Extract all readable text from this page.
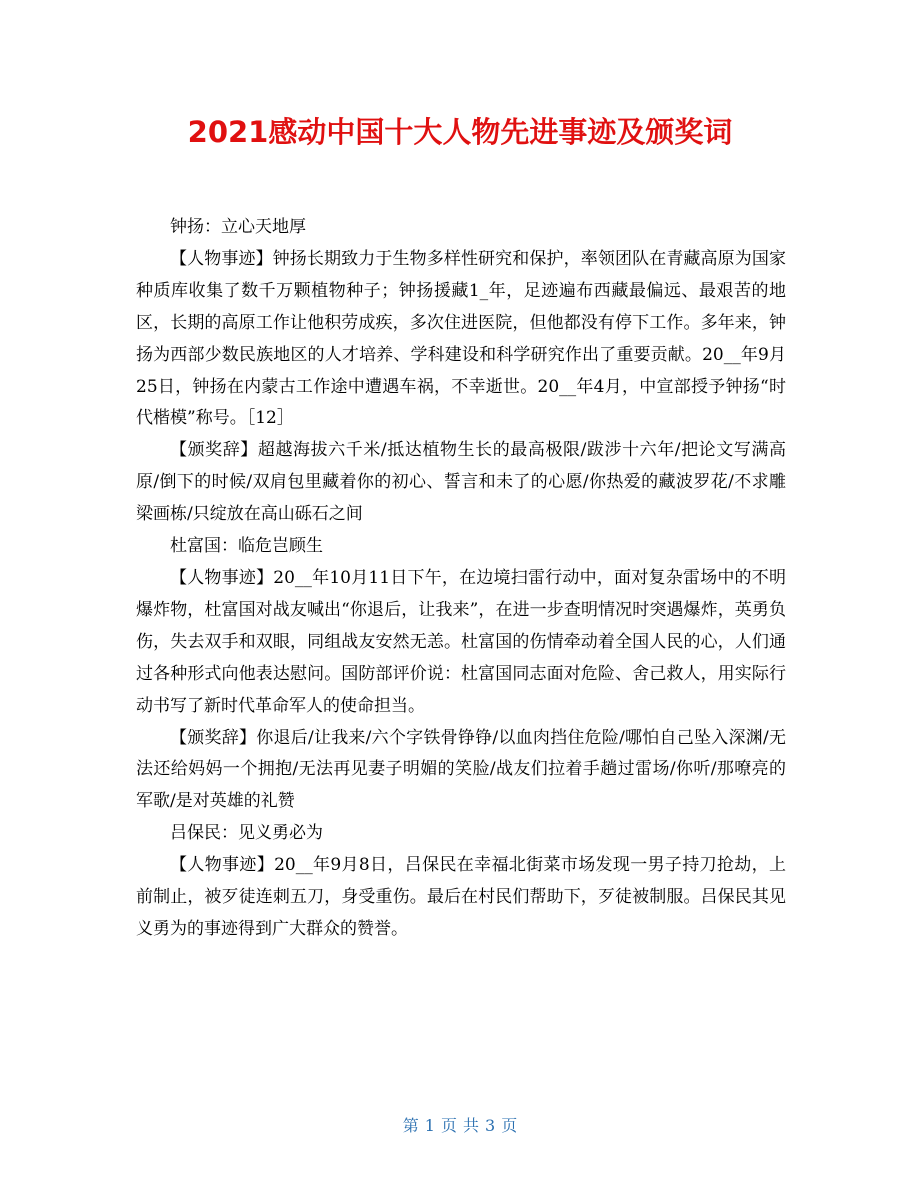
2021感动中国十大人物先进事迹及颁奖词

钟扬：立心天地厚

【人物事迹】钟扬长期致力于生物多样性研究和保护，率领团队在青藏高原为国家种质库收集了数千万颗植物种子；钟扬援藏1_年，足迹遍布西藏最偏远、最艰苦的地区，长期的高原工作让他积劳成疾，多次住进医院，但他都没有停下工作。多年来，钟扬为西部少数民族地区的人才培养、学科建设和科学研究作出了重要贡献。20__年9月25日，钟扬在内蒙古工作途中遭遇车祸，不幸逝世。20__年4月，中宣部授予钟扬“时代楷模”称号。［12］

【颁奖辞】超越海拔六千米/抵达植物生长的最高极限/跋涉十六年/把论文写满高原/倒下的时候/双肩包里藏着你的初心、誓言和未了的心愿/你热爱的藏波罗花/不求雕梁画栋/只绽放在高山砾石之间

杜富国：临危岂顾生

【人物事迹】20__年10月11日下午，在边境扫雷行动中，面对复杂雷场中的不明爆炸物，杜富国对战友喊出“你退后，让我来”，在进一步查明情况时突遇爆炸，英勇负伤，失去双手和双眼，同组战友安然无恙。杜富国的伤情牵动着全国人民的心，人们通过各种形式向他表达慰问。国防部评价说：杜富国同志面对危险、舍己救人，用实际行动书写了新时代革命军人的使命担当。

【颁奖辞】你退后/让我来/六个字铁骨铮铮/以血肉挡住危险/哪怕自己坠入深渊/无法还给妈妈一个拥抱/无法再见妻子明媚的笑脸/战友们拉着手趟过雷场/你听/那嘹亮的军歌/是对英雄的礼赞

吕保民：见义勇必为

【人物事迹】20__年9月8日，吕保民在幸福北街菜市场发现一男子持刀抢劫，上前制止，被歹徒连刺五刀，身受重伤。最后在村民们帮助下，歹徒被制服。吕保民其见义勇为的事迹得到广大群众的赞誉。

第 1 页 共 3 页
